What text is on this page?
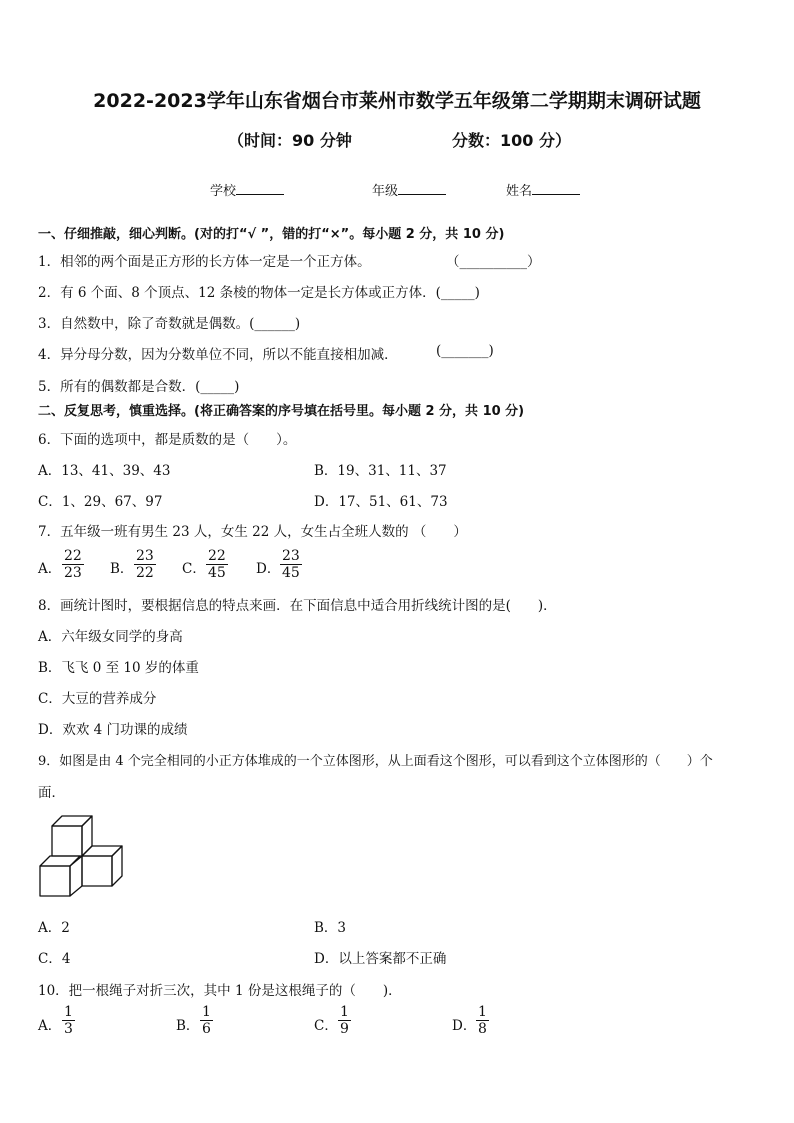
2022-2023学年山东省烟台市莱州市数学五年级第二学期期末调研试题
（时间：90 分钟	分数：100 分）
学校	年级	姓名
一、仔细推敲，细心判断。(对的打“√ ”，错的打“×”。每小题 2 分，共 10 分)
1．相邻的两个面是正方形的长方体一定是一个正方体。	（__________）
2．有 6 个面、8 个顶点、12 条棱的物体一定是长方体或正方体．(_____)
3．自然数中，除了奇数就是偶数。(______)
4．异分母分数，因为分数单位不同，所以不能直接相加减．	(_______)
5．所有的偶数都是合数．(_____)
二、反复思考，慎重选择。(将正确答案的序号填在括号里。每小题 2 分，共 10 分)
6．下面的选项中，都是质数的是（　　）。
A．13、41、39、43	B．19、31、11、37
C．1、29、67、97	D．17、51、61、73
7．五年级一班有男生 23 人，女生 22 人，女生占全班人数的 （　　）
A． $\frac{22}{23}$ B． $\frac{23}{22}$ C． $\frac{22}{45}$ D． $\frac{23}{45}$
8．画统计图时，要根据信息的特点来画．在下面信息中适合用折线统计图的是(　　)．
A．六年级女同学的身高
B．飞飞 0 至 10 岁的体重
C．大豆的营养成分
D．欢欢 4 门功课的成绩
9．如图是由 4 个完全相同的小正方体堆成的一个立体图形，从上面看这个图形，可以看到这个立体图形的（　　）个
面．
A．2	B．3
C．4	D．以上答案都不正确
10．把一根绳子对折三次，其中 1 份是这根绳子的（　　)．
A． $\frac{1}{3}$	B． $\frac{1}{6}$	C． $\frac{1}{9}$	D． $\frac{1}{8}$
